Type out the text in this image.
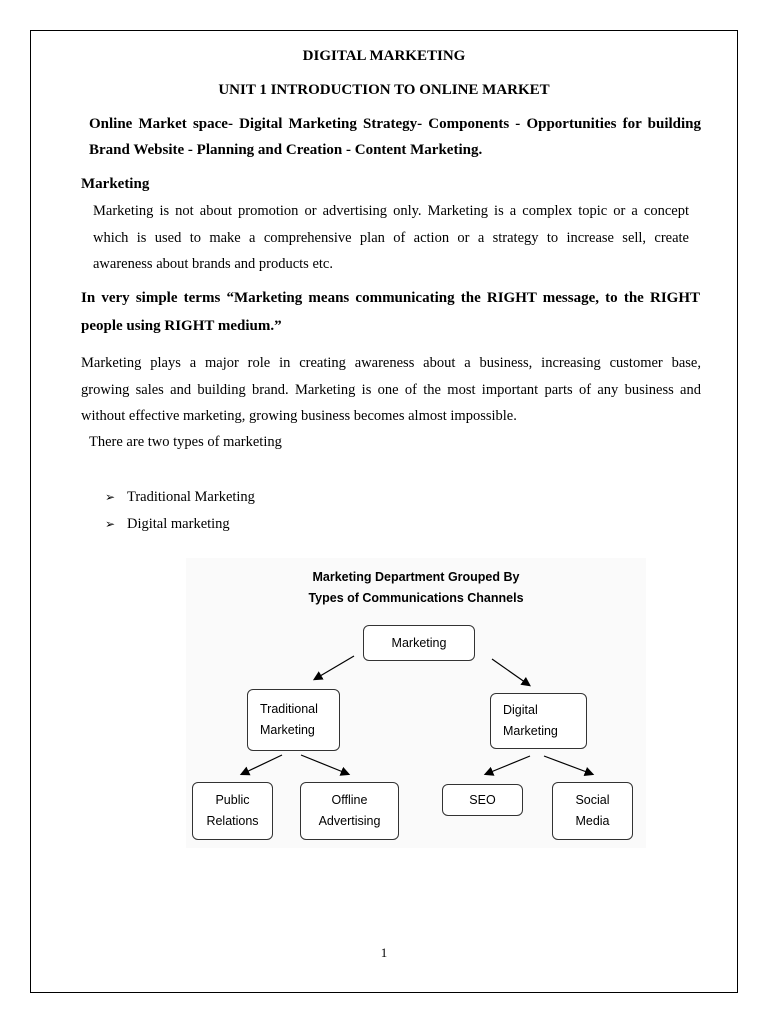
DIGITAL MARKETING
UNIT 1 INTRODUCTION TO ONLINE MARKET
Online Market space- Digital Marketing Strategy- Components - Opportunities for building Brand Website - Planning and Creation - Content Marketing.
Marketing
Marketing is not about promotion or advertising only. Marketing is a complex topic or a concept
which is used to make a comprehensive plan of action or a strategy to increase sell, create
awareness about brands and products etc.
In very simple terms “Marketing means communicating the RIGHT message, to the RIGHT
people using RIGHT medium.”
Marketing plays a major role in creating awareness about a business, increasing customer base,
growing sales and building brand. Marketing is one of the most important parts of any business and
without effective marketing, growing business becomes almost impossible.
There are two types of marketing
➢ Traditional Marketing
➢ Digital marketing
Marketing Department Grouped By
Types of Communications Channels
Marketing
Traditional
Marketing
Digital
Marketing
Public
Relations
Offline
Advertising
SEO	Social
Media
1
